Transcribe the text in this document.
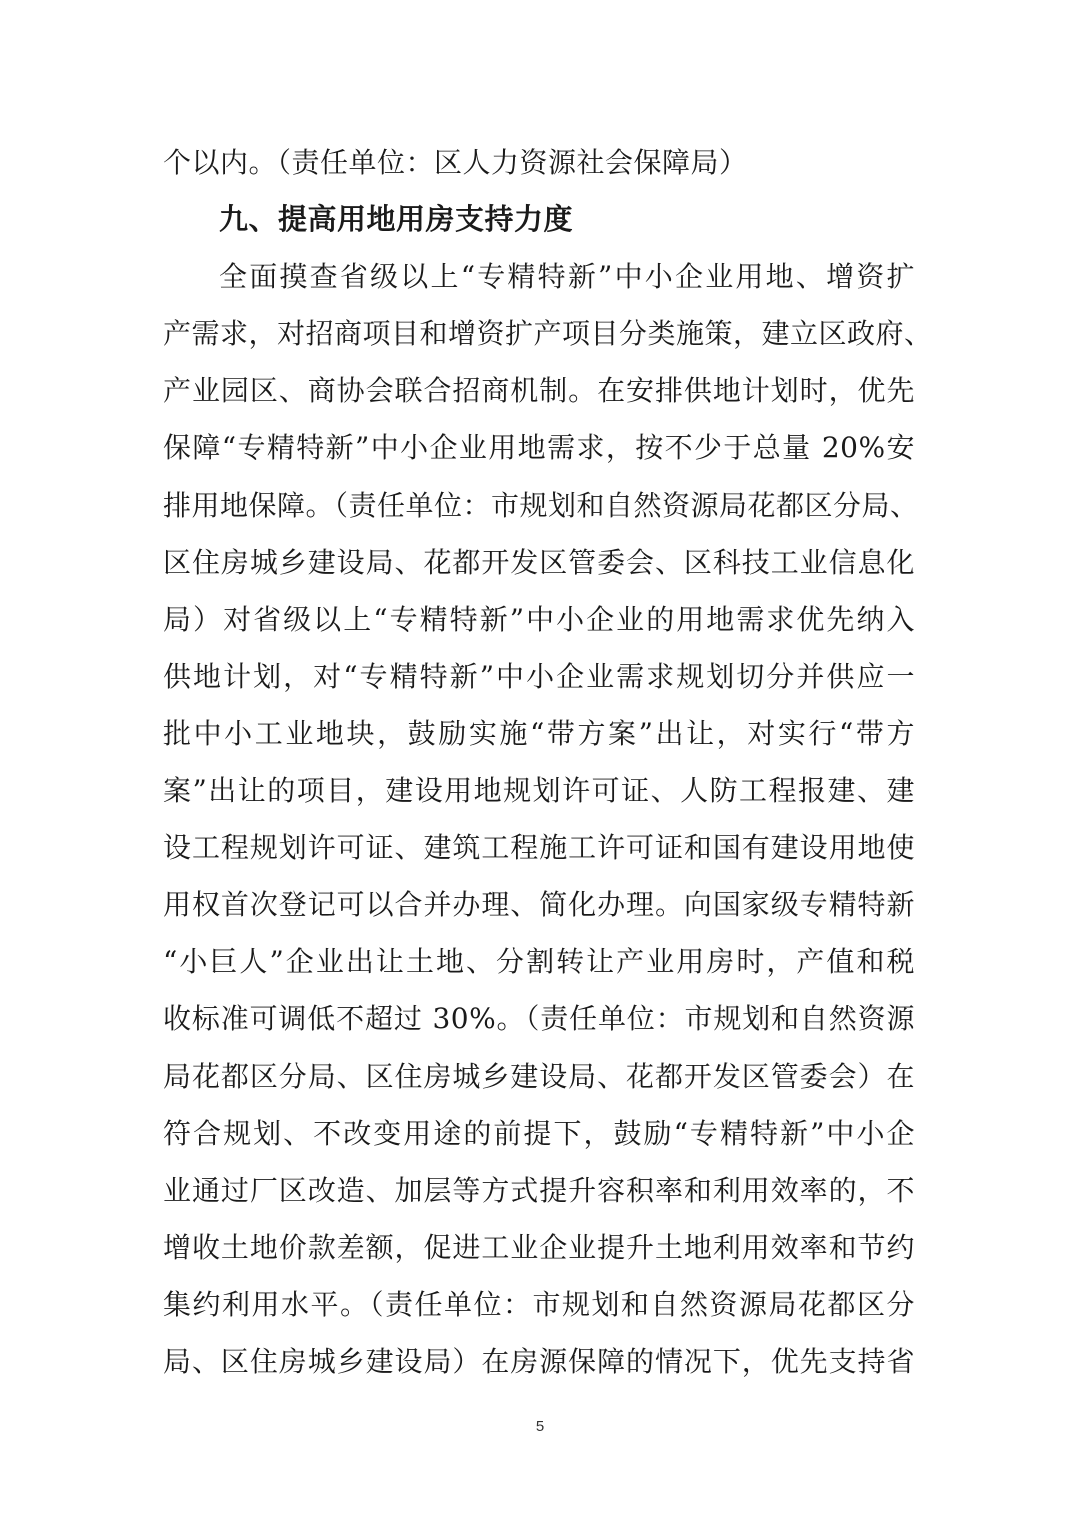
个以内。（责任单位：区人力资源社会保障局）
九、提高用地用房支持力度
全面摸查省级以上“专精特新”中小企业用地、增资扩
产需求，对招商项目和增资扩产项目分类施策，建立区政府、
产业园区、商协会联合招商机制。在安排供地计划时，优先
保障“专精特新”中小企业用地需求，按不少于总量 20%安
排用地保障。（责任单位：市规划和自然资源局花都区分局、
区住房城乡建设局、花都开发区管委会、区科技工业信息化
局）对省级以上“专精特新”中小企业的用地需求优先纳入
供地计划，对“专精特新”中小企业需求规划切分并供应一
批中小工业地块，鼓励实施“带方案”出让，对实行“带方
案”出让的项目，建设用地规划许可证、人防工程报建、建
设工程规划许可证、建筑工程施工许可证和国有建设用地使
用权首次登记可以合并办理、简化办理。向国家级专精特新
“小巨人”企业出让土地、分割转让产业用房时，产值和税
收标准可调低不超过 30%。（责任单位：市规划和自然资源
局花都区分局、区住房城乡建设局、花都开发区管委会）在
符合规划、不改变用途的前提下，鼓励“专精特新”中小企
业通过厂区改造、加层等方式提升容积率和利用效率的，不
增收土地价款差额，促进工业企业提升土地利用效率和节约
集约利用水平。（责任单位：市规划和自然资源局花都区分
局、区住房城乡建设局）在房源保障的情况下，优先支持省
5
